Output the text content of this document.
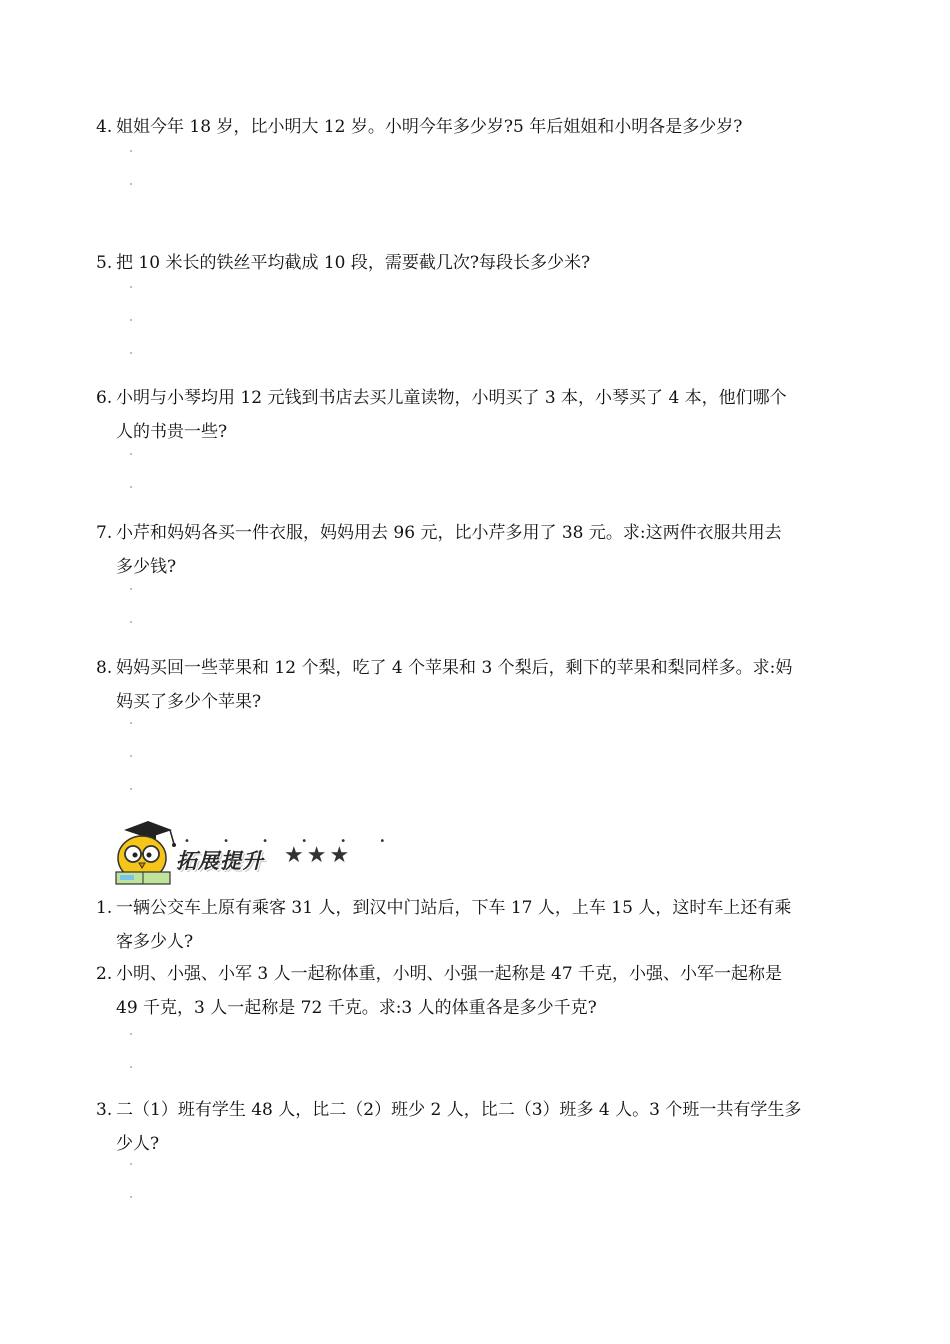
4. 姐姐今年 18 岁，比小明大 12 岁。小明今年多少岁?5 年后姐姐和小明各是多少岁?
5. 把 10 米长的铁丝平均截成 10 段，需要截几次?每段长多少米?
6. 小明与小琴均用 12 元钱到书店去买儿童读物，小明买了 3 本，小琴买了 4 本，他们哪个
人的书贵一些?
7. 小芹和妈妈各买一件衣服，妈妈用去 96 元，比小芹多用了 38 元。求:这两件衣服共用去
多少钱?
8. 妈妈买回一些苹果和 12 个梨，吃了 4 个苹果和 3 个梨后，剩下的苹果和梨同样多。求:妈
妈买了多少个苹果?
• • • • • •
拓展提升 ★★★
1. 一辆公交车上原有乘客 31 人，到汉中门站后，下车 17 人，上车 15 人，这时车上还有乘
客多少人?
2. 小明、小强、小军 3 人一起称体重，小明、小强一起称是 47 千克，小强、小军一起称是
49 千克，3 人一起称是 72 千克。求:3 人的体重各是多少千克?
3. 二（1）班有学生 48 人，比二（2）班少 2 人，比二（3）班多 4 人。3 个班一共有学生多
少人?
